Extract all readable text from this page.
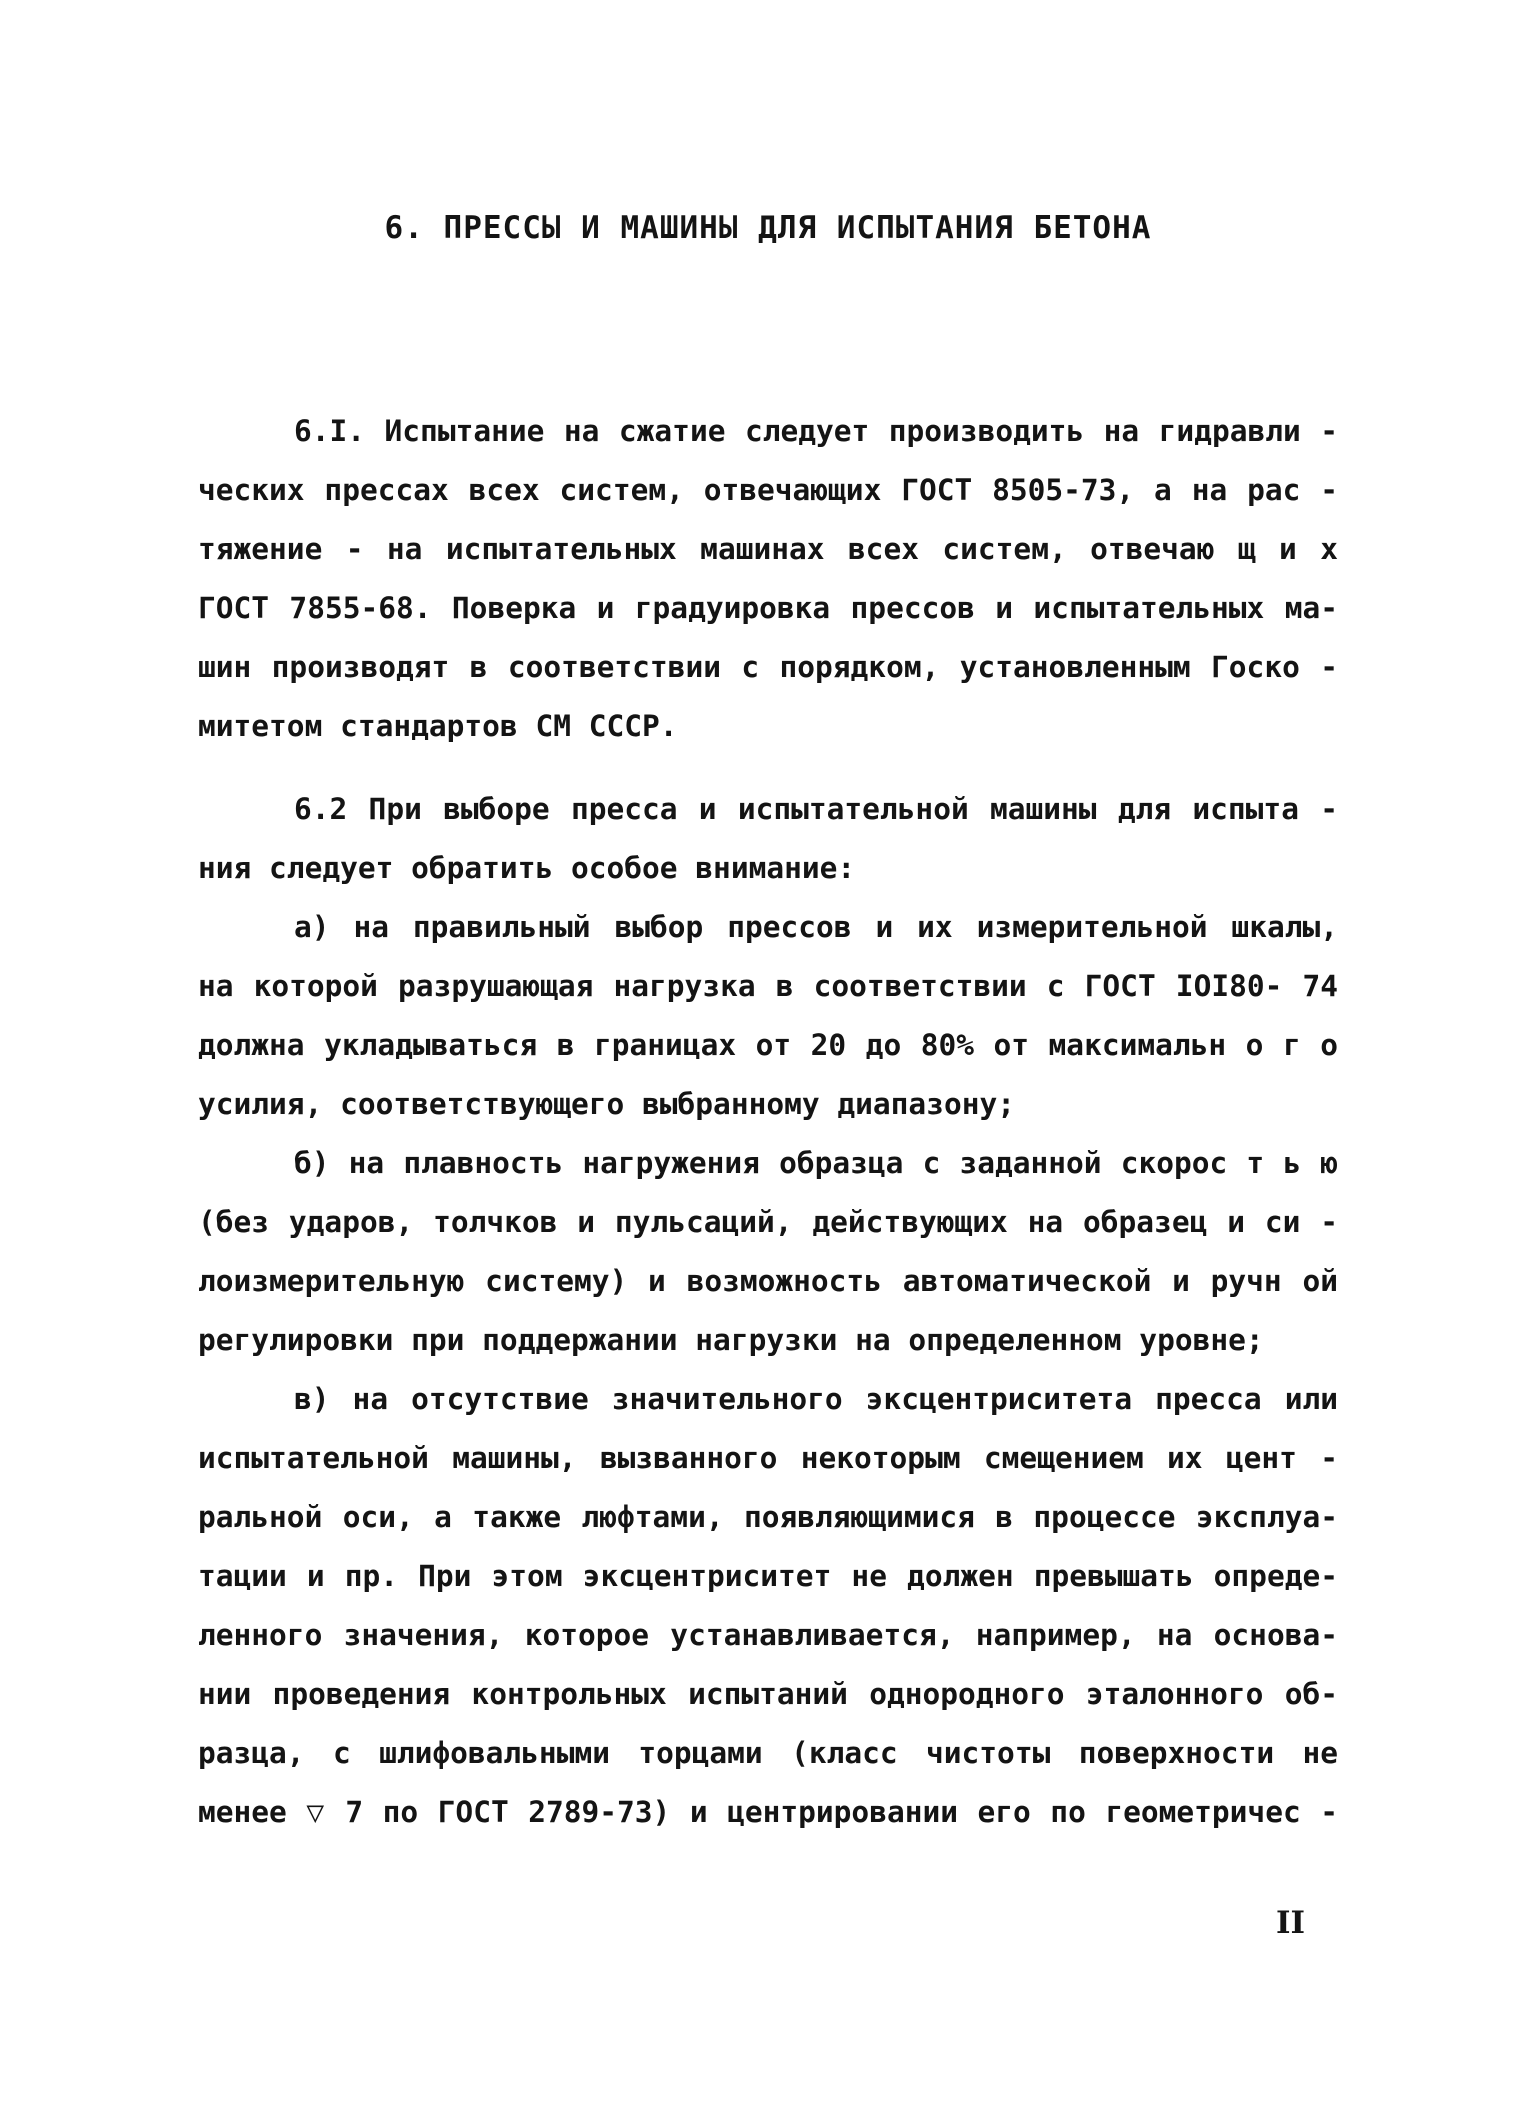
6. ПРЕССЫ И МАШИНЫ ДЛЯ ИСПЫТАНИЯ БЕТОНА
6.I. Испытание на сжатие следует производить на гидравли -
ческих прессах всех систем, отвечающих ГОСТ 8505-73, а на рас -
тяжение - на испытательных машинах всех систем, отвечаю щ и х
ГОСТ 7855-68. Поверка и градуировка прессов и испытательных ма-
шин производят в соответствии с порядком, установленным Госко -
митетом стандартов СМ СССР.
6.2 При выборе пресса и испытательной машины для испыта -
ния следует обратить особое внимание:
а) на правильный выбор прессов и их измерительной шкалы,
на которой разрушающая нагрузка в соответствии с ГОСТ IOI80- 74
должна укладываться в границах от 20 до 80% от максимальн о г о
усилия, соответствующего выбранному диапазону;
б) на плавность нагружения образца с заданной скорос т ь ю
(без ударов, толчков и пульсаций, действующих на образец и си -
лоизмерительную систему) и возможность автоматической и ручн ой
регулировки при поддержании нагрузки на определенном уровне;
в) на отсутствие значительного эксцентриситета пресса или
испытательной машины, вызванного некоторым смещением их цент -
ральной оси, а также люфтами, появляющимися в процессе эксплуа-
тации и пр. При этом эксцентриситет не должен превышать опреде-
ленного значения, которое устанавливается, например, на основа-
нии проведения контрольных испытаний однородного эталонного об-
разца, с шлифовальными торцами (класс чистоты поверхности не
менее ▽ 7 по ГОСТ 2789-73) и центрировании его по геометричес -
II
